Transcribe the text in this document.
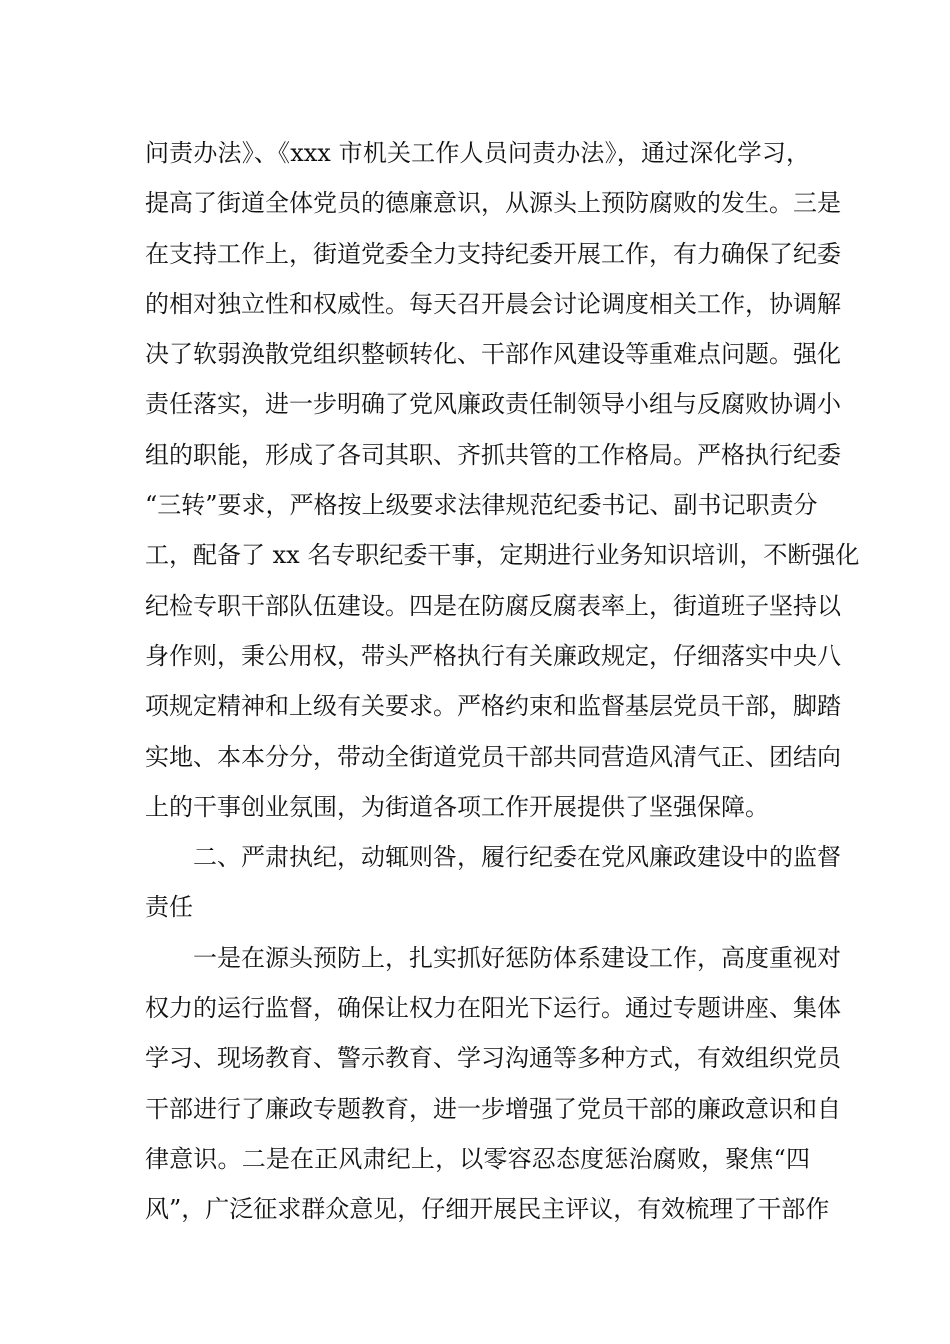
问责办法》、《xxx 市机关工作人员问责办法》，通过深化学习，
提高了街道全体党员的德廉意识，从源头上预防腐败的发生。三是
在支持工作上，街道党委全力支持纪委开展工作，有力确保了纪委
的相对独立性和权威性。每天召开晨会讨论调度相关工作，协调解
决了软弱涣散党组织整顿转化、干部作风建设等重难点问题。强化
责任落实，进一步明确了党风廉政责任制领导小组与反腐败协调小
组的职能，形成了各司其职、齐抓共管的工作格局。严格执行纪委
“三转”要求，严格按上级要求法律规范纪委书记、副书记职责分
工，配备了 xx 名专职纪委干事，定期进行业务知识培训，不断强化
纪检专职干部队伍建设。四是在防腐反腐表率上，街道班子坚持以
身作则，秉公用权，带头严格执行有关廉政规定，仔细落实中央八
项规定精神和上级有关要求。严格约束和监督基层党员干部，脚踏
实地、本本分分，带动全街道党员干部共同营造风清气正、团结向
上的干事创业氛围，为街道各项工作开展提供了坚强保障。
二、严肃执纪，动辄则咎，履行纪委在党风廉政建设中的监督
责任
一是在源头预防上，扎实抓好惩防体系建设工作，高度重视对
权力的运行监督，确保让权力在阳光下运行。通过专题讲座、集体
学习、现场教育、警示教育、学习沟通等多种方式，有效组织党员
干部进行了廉政专题教育，进一步增强了党员干部的廉政意识和自
律意识。二是在正风肃纪上，以零容忍态度惩治腐败，聚焦“四
风”，广泛征求群众意见，仔细开展民主评议，有效梳理了干部作
